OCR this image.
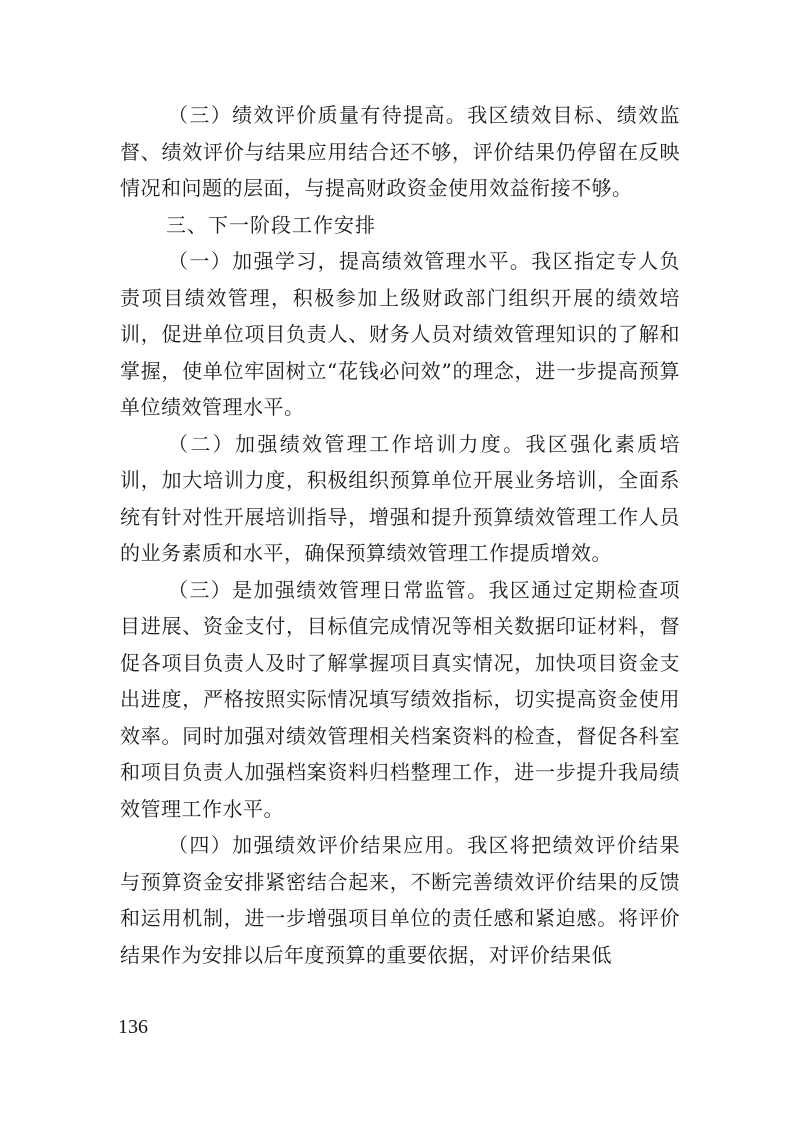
（三）绩效评价质量有待提高。我区绩效目标、绩效监督、绩效评价与结果应用结合还不够，评价结果仍停留在反映情况和问题的层面，与提高财政资金使用效益衔接不够。

三、下一阶段工作安排

（一）加强学习，提高绩效管理水平。我区指定专人负责项目绩效管理，积极参加上级财政部门组织开展的绩效培训，促进单位项目负责人、财务人员对绩效管理知识的了解和掌握，使单位牢固树立“花钱必问效”的理念，进一步提高预算单位绩效管理水平。

（二）加强绩效管理工作培训力度。我区强化素质培训，加大培训力度，积极组织预算单位开展业务培训，全面系统有针对性开展培训指导，增强和提升预算绩效管理工作人员的业务素质和水平，确保预算绩效管理工作提质增效。

（三）是加强绩效管理日常监管。我区通过定期检查项目进展、资金支付，目标值完成情况等相关数据印证材料，督促各项目负责人及时了解掌握项目真实情况，加快项目资金支出进度，严格按照实际情况填写绩效指标，切实提高资金使用效率。同时加强对绩效管理相关档案资料的检查，督促各科室和项目负责人加强档案资料归档整理工作，进一步提升我局绩效管理工作水平。

（四）加强绩效评价结果应用。我区将把绩效评价结果与预算资金安排紧密结合起来，不断完善绩效评价结果的反馈和运用机制，进一步增强项目单位的责任感和紧迫感。将评价结果作为安排以后年度预算的重要依据，对评价结果低

136
